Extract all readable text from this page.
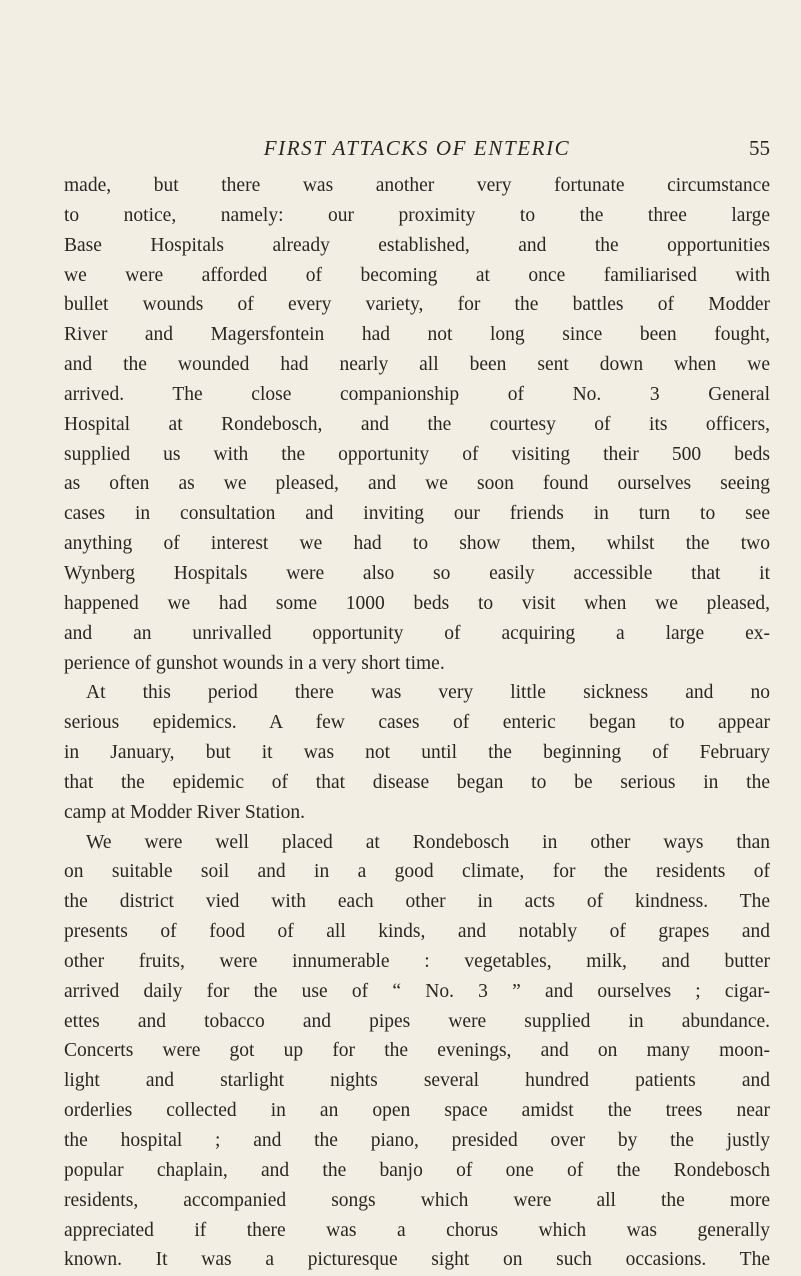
FIRST ATTACKS OF ENTERIC	55
made, but there was another very fortunate circumstance
to notice, namely: our proximity to the three large
Base Hospitals already established, and the opportunities
we were afforded of becoming at once familiarised with
bullet wounds of every variety, for the battles of Modder
River and Magersfontein had not long since been fought,
and the wounded had nearly all been sent down when we
arrived. The close companionship of No. 3 General
Hospital at Rondebosch, and the courtesy of its officers,
supplied us with the opportunity of visiting their 500 beds
as often as we pleased, and we soon found ourselves seeing
cases in consultation and inviting our friends in turn to see
anything of interest we had to show them, whilst the two
Wynberg Hospitals were also so easily accessible that it
happened we had some 1000 beds to visit when we pleased,
and an unrivalled opportunity of acquiring a large ex-
perience of gunshot wounds in a very short time.
At this period there was very little sickness and no
serious epidemics. A few cases of enteric began to appear
in January, but it was not until the beginning of February
that the epidemic of that disease began to be serious in the
camp at Modder River Station.
We were well placed at Rondebosch in other ways than
on suitable soil and in a good climate, for the residents of
the district vied with each other in acts of kindness. The
presents of food of all kinds, and notably of grapes and
other fruits, were innumerable : vegetables, milk, and butter
arrived daily for the use of “ No. 3 ” and ourselves ; cigar-
ettes and tobacco and pipes were supplied in abundance.
Concerts were got up for the evenings, and on many moon-
light and starlight nights several hundred patients and
orderlies collected in an open space amidst the trees near
the hospital ; and the piano, presided over by the justly
popular chaplain, and the banjo of one of the Rondebosch
residents, accompanied songs which were all the more
appreciated if there was a chorus which was generally
known. It was a picturesque sight on such occasions. The
